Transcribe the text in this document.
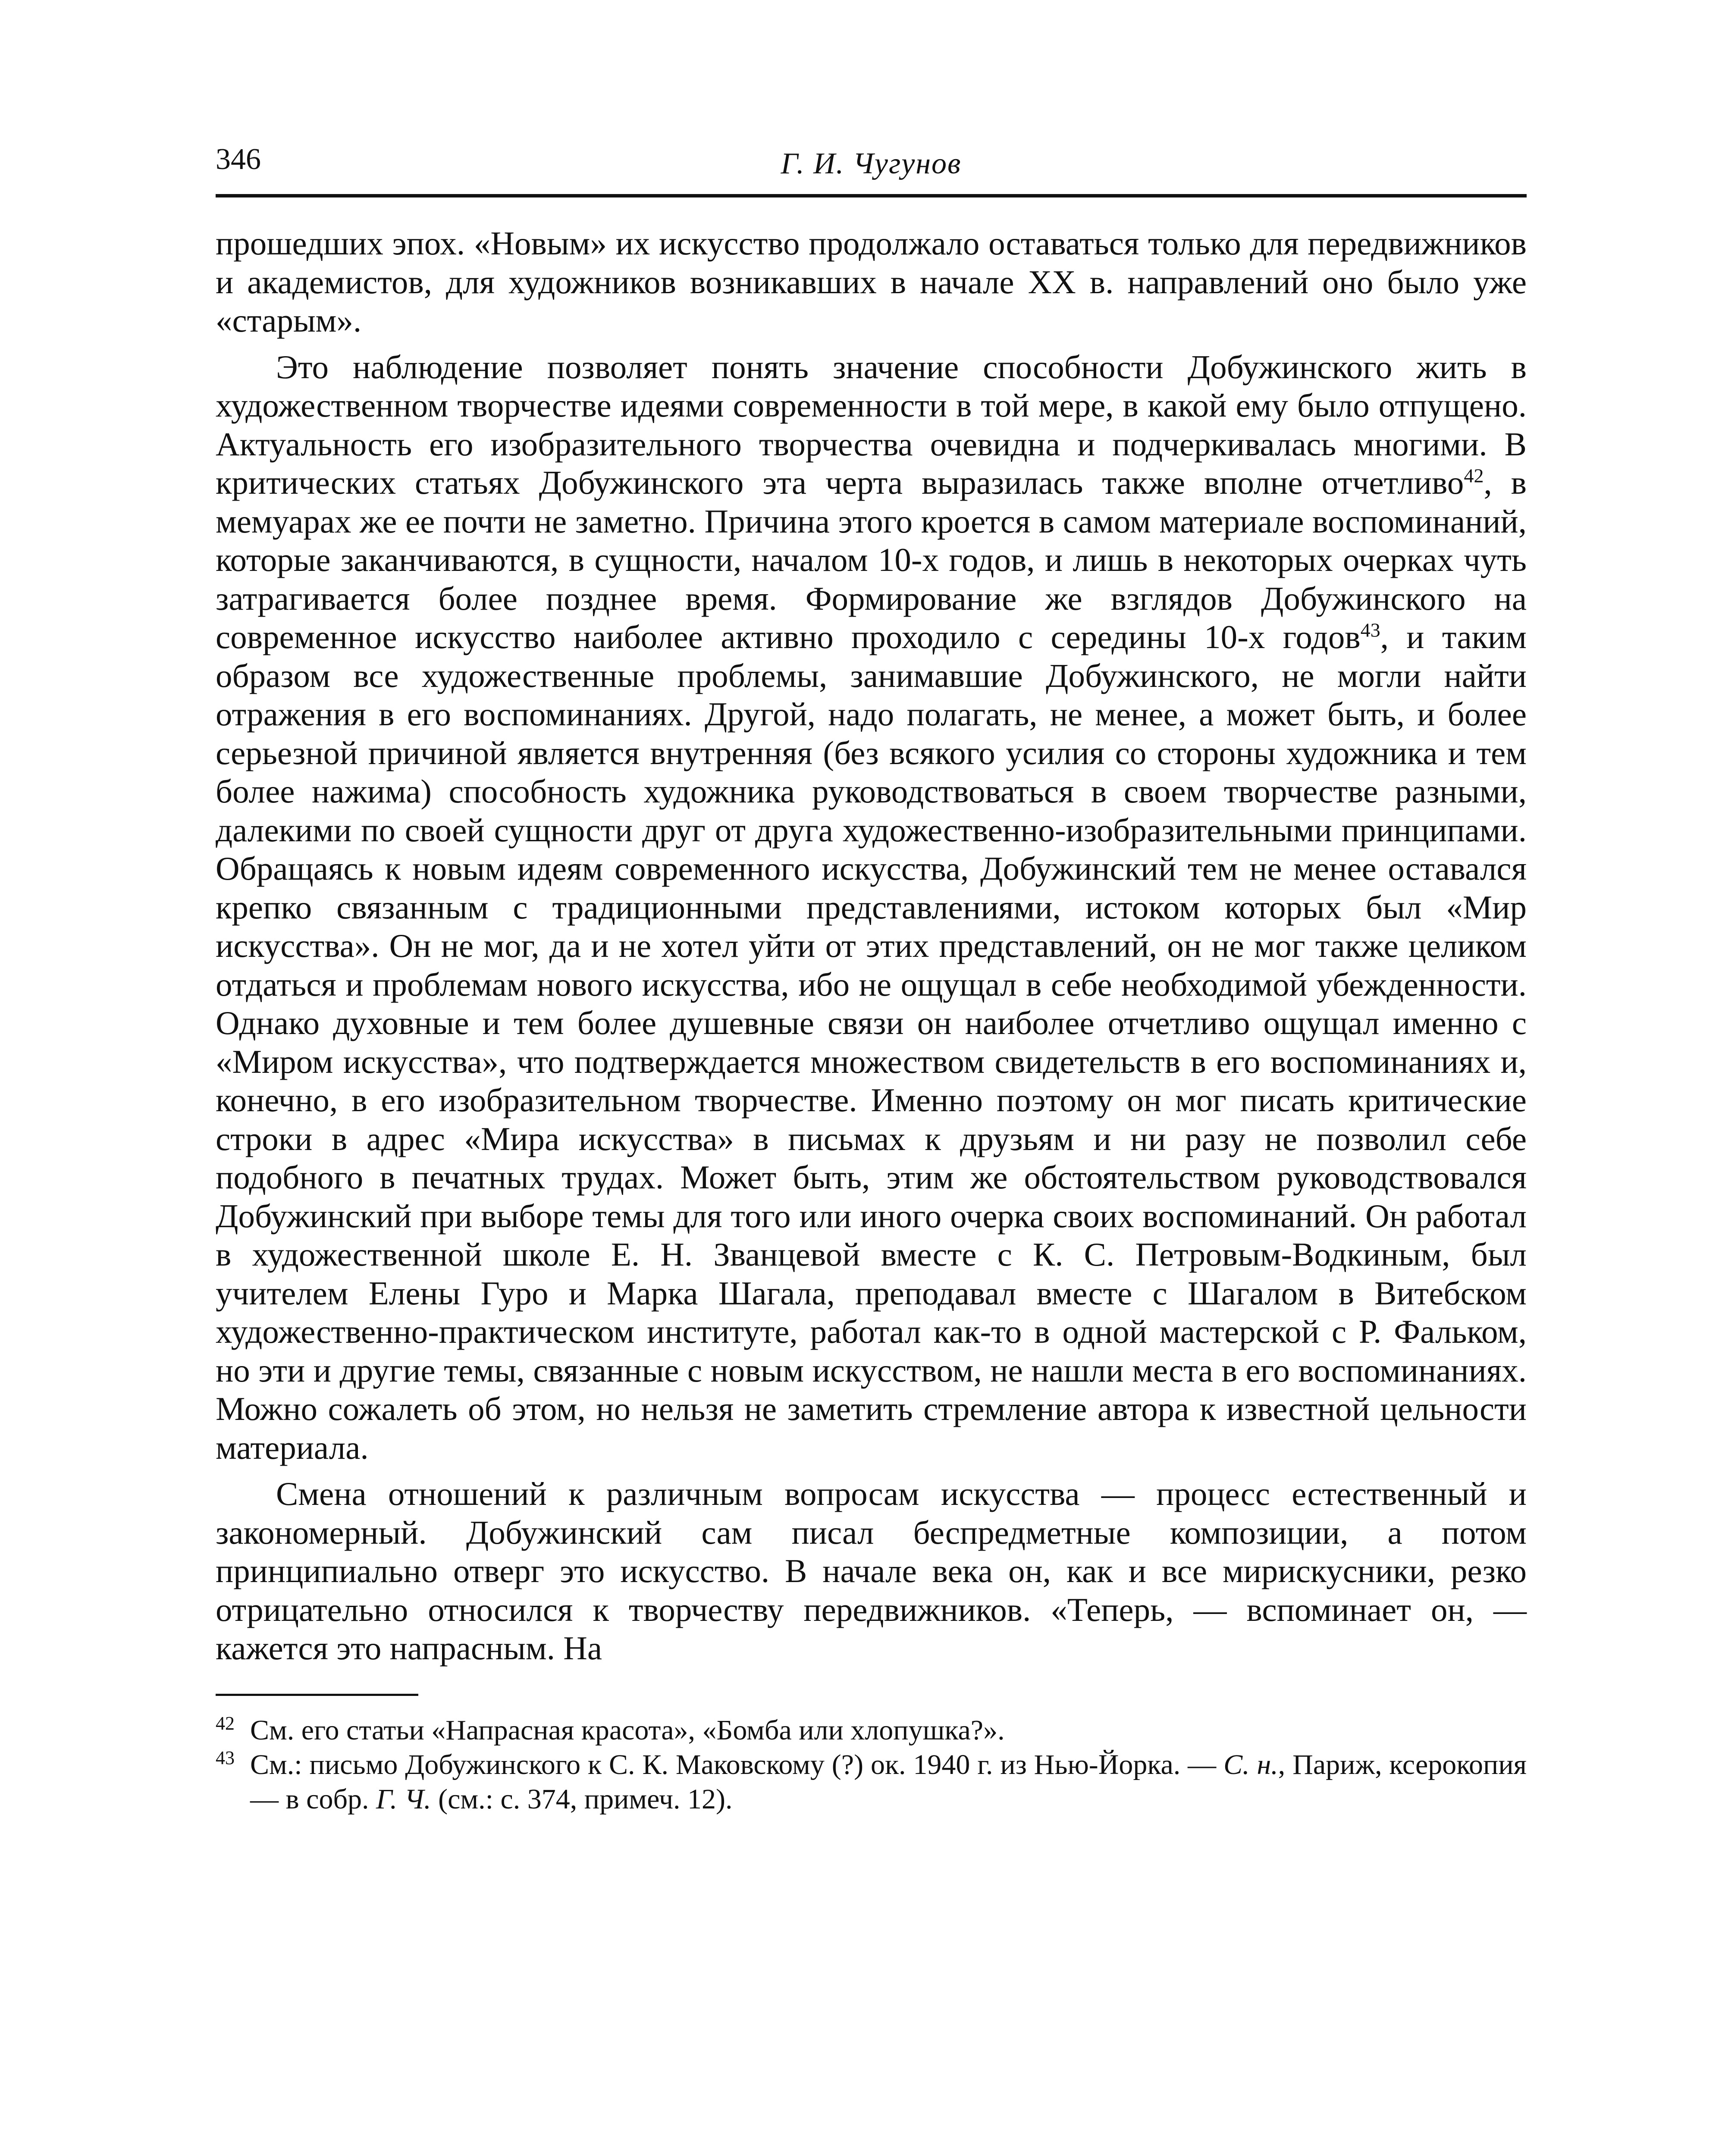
346	Г. И. Чугунов

прошедших эпох. «Новым» их искусство продолжало оставаться только для передвижников и академистов, для художников возникавших в начале XX в. направлений оно было уже «старым».

Это наблюдение позволяет понять значение способности Добужинского жить в художественном творчестве идеями современности в той мере, в какой ему было отпущено. Актуальность его изобразительного творчества очевидна и подчеркивалась многими. В критических статьях Добужинского эта черта выразилась также вполне отчетливо$^{42}$, в мемуарах же ее почти не заметно. Причина этого кроется в самом материале воспоминаний, которые заканчиваются, в сущности, началом 10-х годов, и лишь в некоторых очерках чуть затрагивается более позднее время. Формирование же взглядов Добужинского на современное искусство наиболее активно проходило с середины 10-х годов$^{43}$, и таким образом все художественные проблемы, занимавшие Добужинского, не могли найти отражения в его воспоминаниях. Другой, надо полагать, не менее, а может быть, и более серьезной причиной является внутренняя (без всякого усилия со стороны художника и тем более нажима) способность художника руководствоваться в своем творчестве разными, далекими по своей сущности друг от друга художественно-изобразительными принципами. Обращаясь к новым идеям современного искусства, Добужинский тем не менее оставался крепко связанным с традиционными представлениями, истоком которых был «Мир искусства». Он не мог, да и не хотел уйти от этих представлений, он не мог также целиком отдаться и проблемам нового искусства, ибо не ощущал в себе необходимой убежденности. Однако духовные и тем более душевные связи он наиболее отчетливо ощущал именно с «Миром искусства», что подтверждается множеством свидетельств в его воспоминаниях и, конечно, в его изобразительном творчестве. Именно поэтому он мог писать критические строки в адрес «Мира искусства» в письмах к друзьям и ни разу не позволил себе подобного в печатных трудах. Может быть, этим же обстоятельством руководствовался Добужинский при выборе темы для того или иного очерка своих воспоминаний. Он работал в художественной школе Е. Н. Званцевой вместе с К. С. Петровым-Водкиным, был учителем Елены Гуро и Марка Шагала, преподавал вместе с Шагалом в Витебском художественно-практическом институте, работал как-то в одной мастерской с Р. Фальком, но эти и другие темы, связанные с новым искусством, не нашли места в его воспоминаниях. Можно сожалеть об этом, но нельзя не заметить стремление автора к известной цельности материала.

Смена отношений к различным вопросам искусства — процесс естественный и закономерный. Добужинский сам писал беспредметные композиции, а потом принципиально отверг это искусство. В начале века он, как и все мирискусники, резко отрицательно относился к творчеству передвижников. «Теперь, — вспоминает он, — кажется это напрасным. На

42 См. его статьи «Напрасная красота», «Бомба или хлопушка?».

43 См.: письмо Добужинского к С. К. Маковскому (?) ок. 1940 г. из Нью-Йорка. — С. н., Париж, ксерокопия — в собр. Г. Ч. (см.: с. 374, примеч. 12).
